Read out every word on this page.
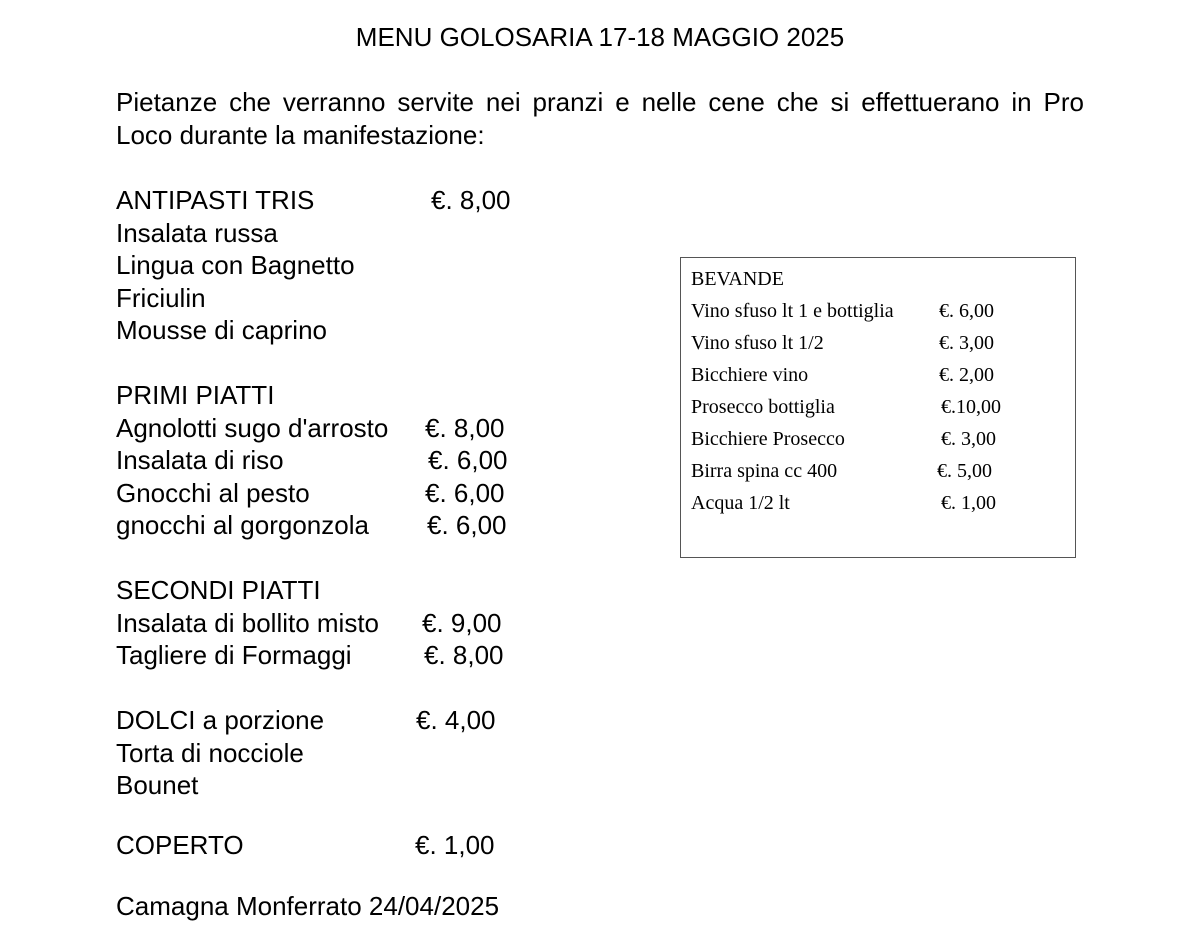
MENU GOLOSARIA 17-18 MAGGIO 2025
Pietanze che verranno servite nei pranzi e nelle cene che si effettuerano in Pro Loco durante la manifestazione:
ANTIPASTI TRIS	€. 8,00
Insalata russa
Lingua con Bagnetto
Friciulin
Mousse di caprino
PRIMI PIATTI
Agnolotti sugo d'arrosto €. 8,00
Insalata di riso	€. 6,00
Gnocchi al pesto	€. 6,00
gnocchi al gorgonzola €. 6,00
SECONDI PIATTI
Insalata di bollito misto €. 9,00
Tagliere di Formaggi	€. 8,00
DOLCI a porzione	€. 4,00
Torta di nocciole
Bounet
COPERTO	€. 1,00
Camagna Monferrato 24/04/2025
BEVANDE
Vino sfuso lt 1 e bottiglia €. 6,00
Vino sfuso lt 1/2	€. 3,00
Bicchiere vino	€. 2,00
Prosecco bottiglia	€.10,00
Bicchiere Prosecco	€. 3,00
Birra spina cc 400	€. 5,00
Acqua 1/2 lt	€. 1,00
